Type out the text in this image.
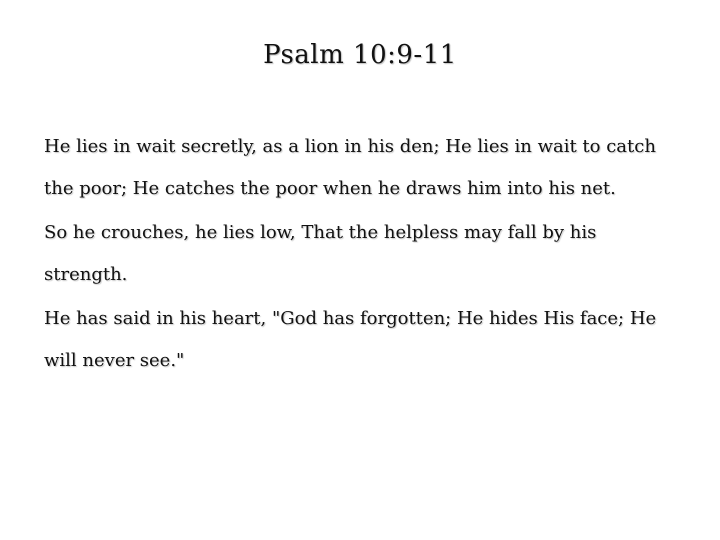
Psalm 10:9-11

He lies in wait secretly, as a lion in his den; He lies in wait to catch the poor; He catches the poor when he draws him into his net.

So he crouches, he lies low, That the helpless may fall by his strength.

He has said in his heart, "God has forgotten; He hides His face; He will never see."
